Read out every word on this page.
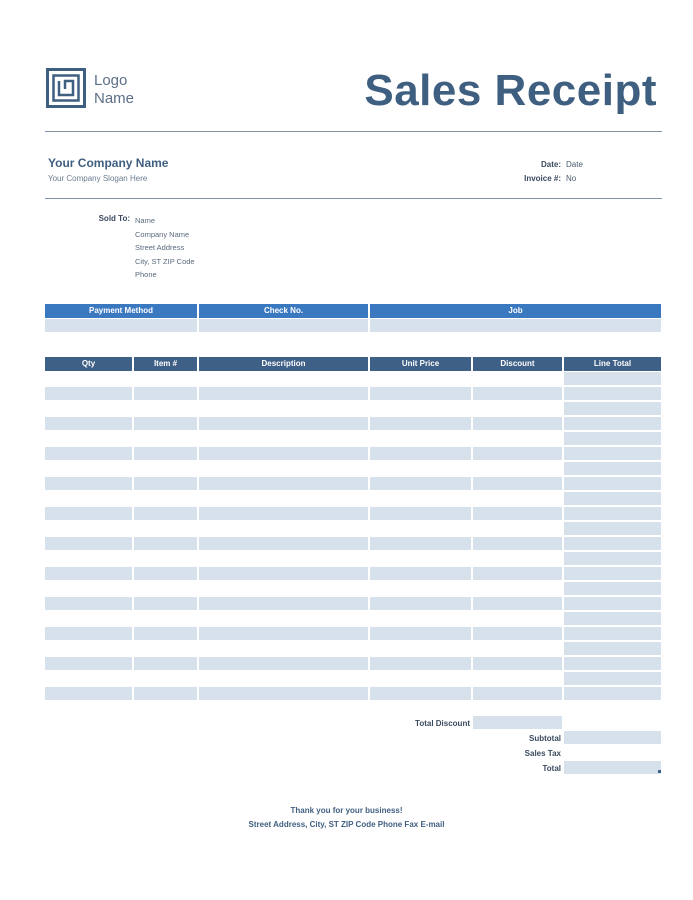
Logo
Name	Sales Receipt
Your Company Name
Your Company Slogan Here
Date: Date
Invoice #: No
Sold To: Name
Company Name
Street Address
City, ST ZIP Code
Phone
Payment Method	Check No.	Job
Qty	Item #	Description	Unit Price	Discount	Line Total
Total Discount
Subtotal
Sales Tax
Total
Thank you for your business!
Street Address, City, ST ZIP Code Phone Fax E-mail
